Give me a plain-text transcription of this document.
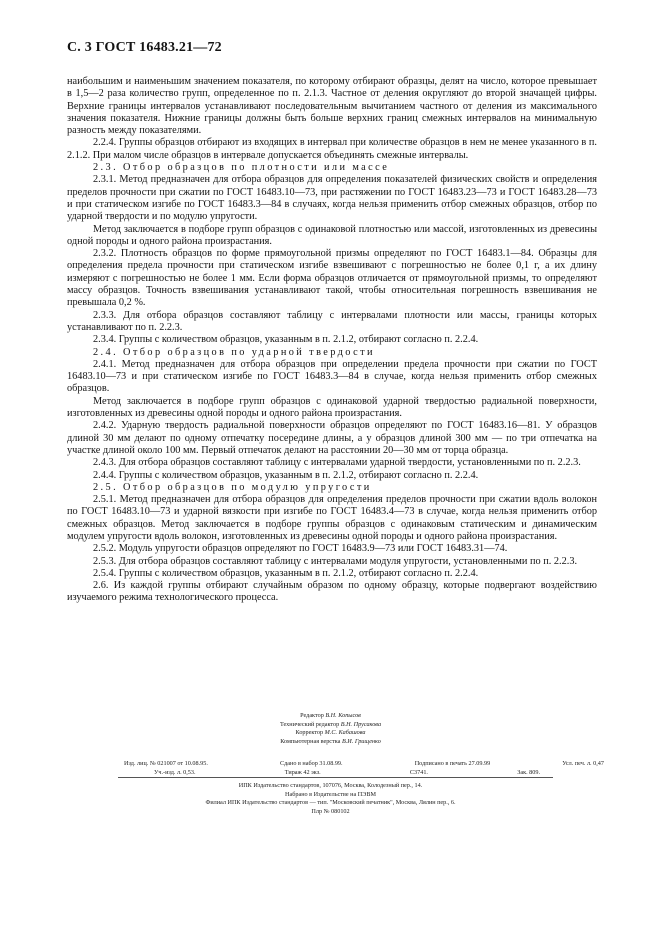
С. 3 ГОСТ 16483.21—72

наибольшим и наименьшим значением показателя, по которому отбирают образцы, делят на число, которое превышает в 1,5—2 раза количество групп, определенное по п. 2.1.3. Частное от деления округляют до второй значащей цифры. Верхние границы интервалов устанавливают последовательным вычитанием частного от деления из максимального значения показателя. Нижние границы должны быть больше верхних границ смежных интервалов на минимальную разность между показателями.

2.2.4. Группы образцов отбирают из входящих в интервал при количестве образцов в нем не менее указанного в п. 2.1.2. При малом числе образцов в интервале допускается объединять смежные интервалы.

2.3. Отбор образцов по плотности или массе

2.3.1. Метод предназначен для отбора образцов для определения показателей физических свойств и определения пределов прочности при сжатии по ГОСТ 16483.10—73, при растяжении по ГОСТ 16483.23—73 и ГОСТ 16483.28—73 и при статическом изгибе по ГОСТ 16483.3—84 в случаях, когда нельзя применить отбор смежных образцов, отбор по ударной твердости и по модулю упругости.

Метод заключается в подборе групп образцов с одинаковой плотностью или массой, изготовленных из древесины одной породы и одного района произрастания.

2.3.2. Плотность образцов по форме прямоугольной призмы определяют по ГОСТ 16483.1—84. Образцы для определения предела прочности при статическом изгибе взвешивают с погрешностью не более 0,1 г, а их длину измеряют с погрешностью не более 1 мм. Если форма образцов отличается от прямоугольной призмы, то определяют массу образцов. Точность взвешивания устанавливают такой, чтобы относительная погрешность взвешивания не превышала 0,2 %.

2.3.3. Для отбора образцов составляют таблицу с интервалами плотности или массы, границы которых устанавливают по п. 2.2.3.

2.3.4. Группы с количеством образцов, указанным в п. 2.1.2, отбирают согласно п. 2.2.4.

2.4. Отбор образцов по ударной твердости

2.4.1. Метод предназначен для отбора образцов при определении предела прочности при сжатии по ГОСТ 16483.10—73 и при статическом изгибе по ГОСТ 16483.3—84 в случае, когда нельзя применить отбор смежных образцов.

Метод заключается в подборе групп образцов с одинаковой ударной твердостью радиальной поверхности, изготовленных из древесины одной породы и одного района произрастания.

2.4.2. Ударную твердость радиальной поверхности образцов определяют по ГОСТ 16483.16—81. У образцов длиной 30 мм делают по одному отпечатку посередине длины, а у образцов длиной 300 мм — по три отпечатка на участке длиной около 100 мм. Первый отпечаток делают на расстоянии 20—30 мм от торца образца.

2.4.3. Для отбора образцов составляют таблицу с интервалами ударной твердости, установленными по п. 2.2.3.

2.4.4. Группы с количеством образцов, указанным в п. 2.1.2, отбирают согласно п. 2.2.4.

2.5. Отбор образцов по модулю упругости

2.5.1. Метод предназначен для отбора образцов для определения пределов прочности при сжатии вдоль волокон по ГОСТ 16483.10—73 и ударной вязкости при изгибе по ГОСТ 16483.4—73 в случае, когда нельзя применить отбор смежных образцов. Метод заключается в подборе группы образцов с одинаковым статическим и динамическим модулем упругости вдоль волокон, изготовленных из древесины одной породы и одного района произрастания.

2.5.2. Модуль упругости образцов определяют по ГОСТ 16483.9—73 или ГОСТ 16483.31—74.

2.5.3. Для отбора образцов составляют таблицу с интервалами модуля упругости, установленными по п. 2.2.3.

2.5.4. Группы с количеством образцов, указанным в п. 2.1.2, отбирают согласно п. 2.2.4.

2.6. Из каждой группы отбирают случайным образом по одному образцу, которые подвергают воздействию изучаемого режима технологического процесса.

Редактор В.Н. Копысов
Технический редактор В.Н. Прусакова
Корректор М.С. Кабашова
Компьютерная верстка В.И. Грищенко
Изд. лиц. № 021007 от 10.08.95.	Сдано в набор 31.08.99.	Подписано в печать 27.09.99	Усл. печ. л. 0,47
Уч.-изд. л. 0,53.	Тираж 42 экз.	С3741.	Зак. 809.
ИПК Издательство стандартов, 107076, Москва, Колодезный пер., 14.
Набрано в Издательстве на ПЭВМ
Филиал ИПК Издательство стандартов — тип. "Московский печатник", Москва, Лялин пер., 6.
Плр № 080102
